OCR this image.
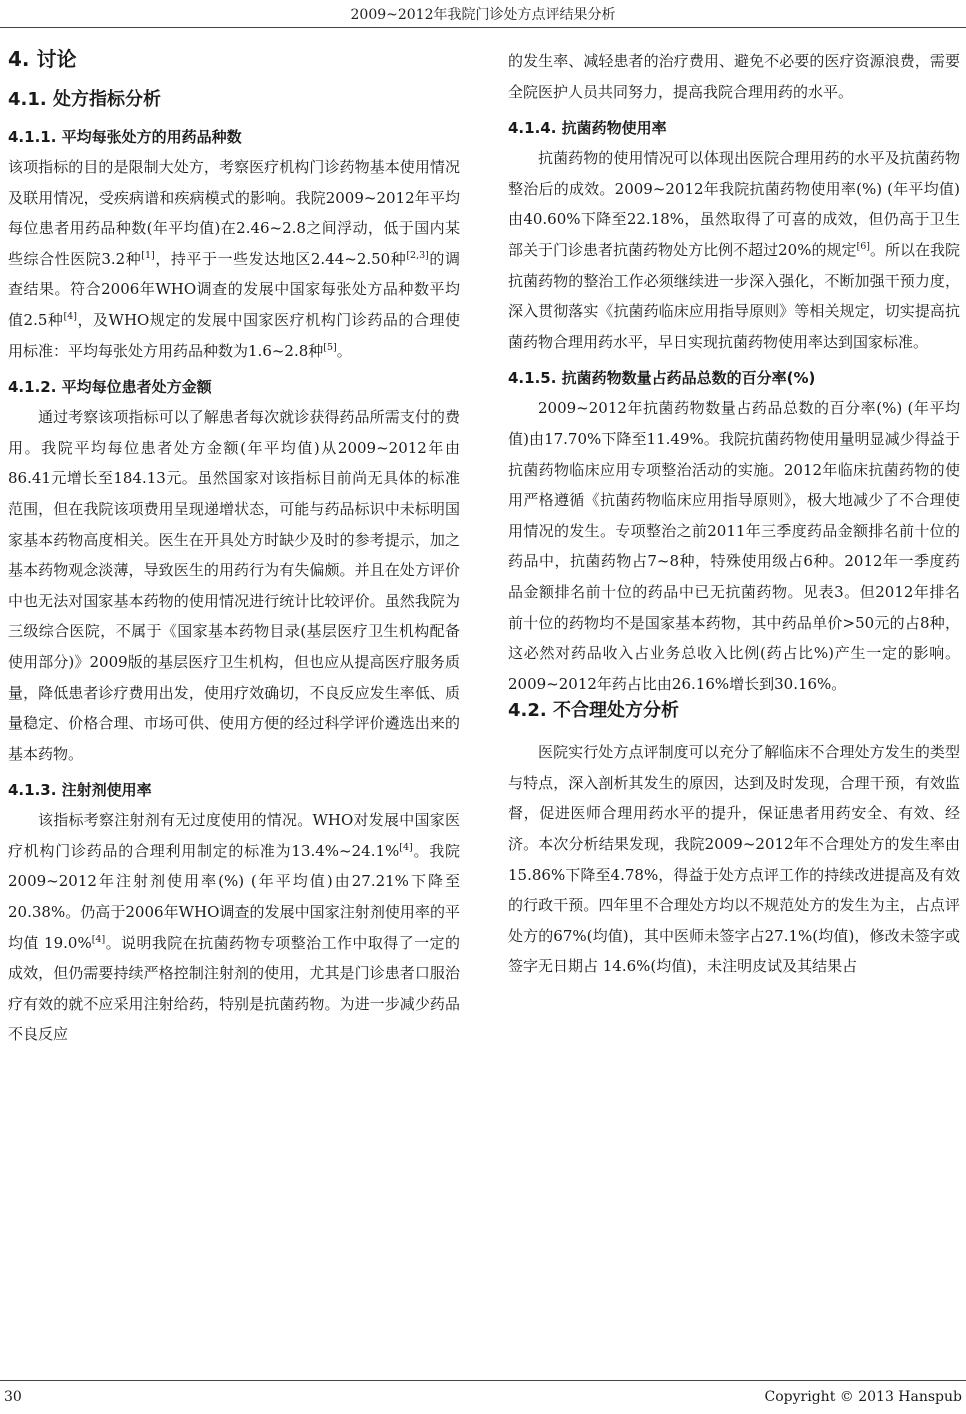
2009~2012年我院门诊处方点评结果分析
4. 讨论
4.1. 处方指标分析
4.1.1. 平均每张处方的用药品种数

该项指标的目的是限制大处方，考察医疗机构门诊药物基本使用情况及联用情况，受疾病谱和疾病模式的影响。我院2009~2012年平均每位患者用药品种数(年平均值)在2.46~2.8之间浮动，低于国内某些综合性医院3.2种[1]，持平于一些发达地区2.44~2.50种[2,3]的调查结果。符合2006年WHO调查的发展中国家每张处方品种数平均值2.5种[4]，及WHO规定的发展中国家医疗机构门诊药品的合理使用标准：平均每张处方用药品种数为1.6~2.8种[5]。

4.1.2. 平均每位患者处方金额

通过考察该项指标可以了解患者每次就诊获得药品所需支付的费用。我院平均每位患者处方金额(年平均值)从2009~2012年由86.41元增长至184.13元。虽然国家对该指标目前尚无具体的标准范围，但在我院该项费用呈现递增状态，可能与药品标识中未标明国家基本药物高度相关。医生在开具处方时缺少及时的参考提示，加之基本药物观念淡薄，导致医生的用药行为有失偏颇。并且在处方评价中也无法对国家基本药物的使用情况进行统计比较评价。虽然我院为三级综合医院，不属于《国家基本药物目录(基层医疗卫生机构配备使用部分)》2009版的基层医疗卫生机构，但也应从提高医疗服务质量，降低患者诊疗费用出发，使用疗效确切，不良反应发生率低、质量稳定、价格合理、市场可供、使用方便的经过科学评价遴选出来的基本药物。

4.1.3. 注射剂使用率

该指标考察注射剂有无过度使用的情况。WHO对发展中国家医疗机构门诊药品的合理利用制定的标准为13.4%~24.1%[4]。我院2009~2012年注射剂使用率(%) (年平均值)由27.21%下降至20.38%。仍高于2006年WHO调查的发展中国家注射剂使用率的平均值 19.0%[4]。说明我院在抗菌药物专项整治工作中取得了一定的成效，但仍需要持续严格控制注射剂的使用，尤其是门诊患者口服治疗有效的就不应采用注射给药，特别是抗菌药物。为进一步减少药品不良反应

的发生率、减轻患者的治疗费用、避免不必要的医疗资源浪费，需要全院医护人员共同努力，提高我院合理用药的水平。

4.1.4. 抗菌药物使用率

抗菌药物的使用情况可以体现出医院合理用药的水平及抗菌药物整治后的成效。2009~2012年我院抗菌药物使用率(%) (年平均值)由40.60%下降至22.18%，虽然取得了可喜的成效，但仍高于卫生部关于门诊患者抗菌药物处方比例不超过20%的规定[6]。所以在我院抗菌药物的整治工作必须继续进一步深入强化，不断加强干预力度，深入贯彻落实《抗菌药临床应用指导原则》等相关规定，切实提高抗菌药物合理用药水平，早日实现抗菌药物使用率达到国家标准。

4.1.5. 抗菌药物数量占药品总数的百分率(%)

2009~2012年抗菌药物数量占药品总数的百分率(%) (年平均值)由17.70%下降至11.49%。我院抗菌药物使用量明显减少得益于抗菌药物临床应用专项整治活动的实施。2012年临床抗菌药物的使用严格遵循《抗菌药物临床应用指导原则》，极大地减少了不合理使用情况的发生。专项整治之前2011年三季度药品金额排名前十位的药品中，抗菌药物占7~8种，特殊使用级占6种。2012年一季度药品金额排名前十位的药品中已无抗菌药物。见表3。但2012年排名前十位的药物均不是国家基本药物，其中药品单价>50元的占8种，这必然对药品收入占业务总收入比例(药占比%)产生一定的影响。2009~2012年药占比由26.16%增长到30.16%。

4.2. 不合理处方分析

医院实行处方点评制度可以充分了解临床不合理处方发生的类型与特点，深入剖析其发生的原因，达到及时发现，合理干预，有效监督，促进医师合理用药水平的提升，保证患者用药安全、有效、经济。本次分析结果发现，我院2009~2012年不合理处方的发生率由15.86%下降至4.78%，得益于处方点评工作的持续改进提高及有效的行政干预。四年里不合理处方均以不规范处方的发生为主，占点评处方的67%(均值)，其中医师未签字占27.1%(均值)，修改未签字或签字无日期占 14.6%(均值)，未注明皮试及其结果占

30	Copyright © 2013 Hanspub
